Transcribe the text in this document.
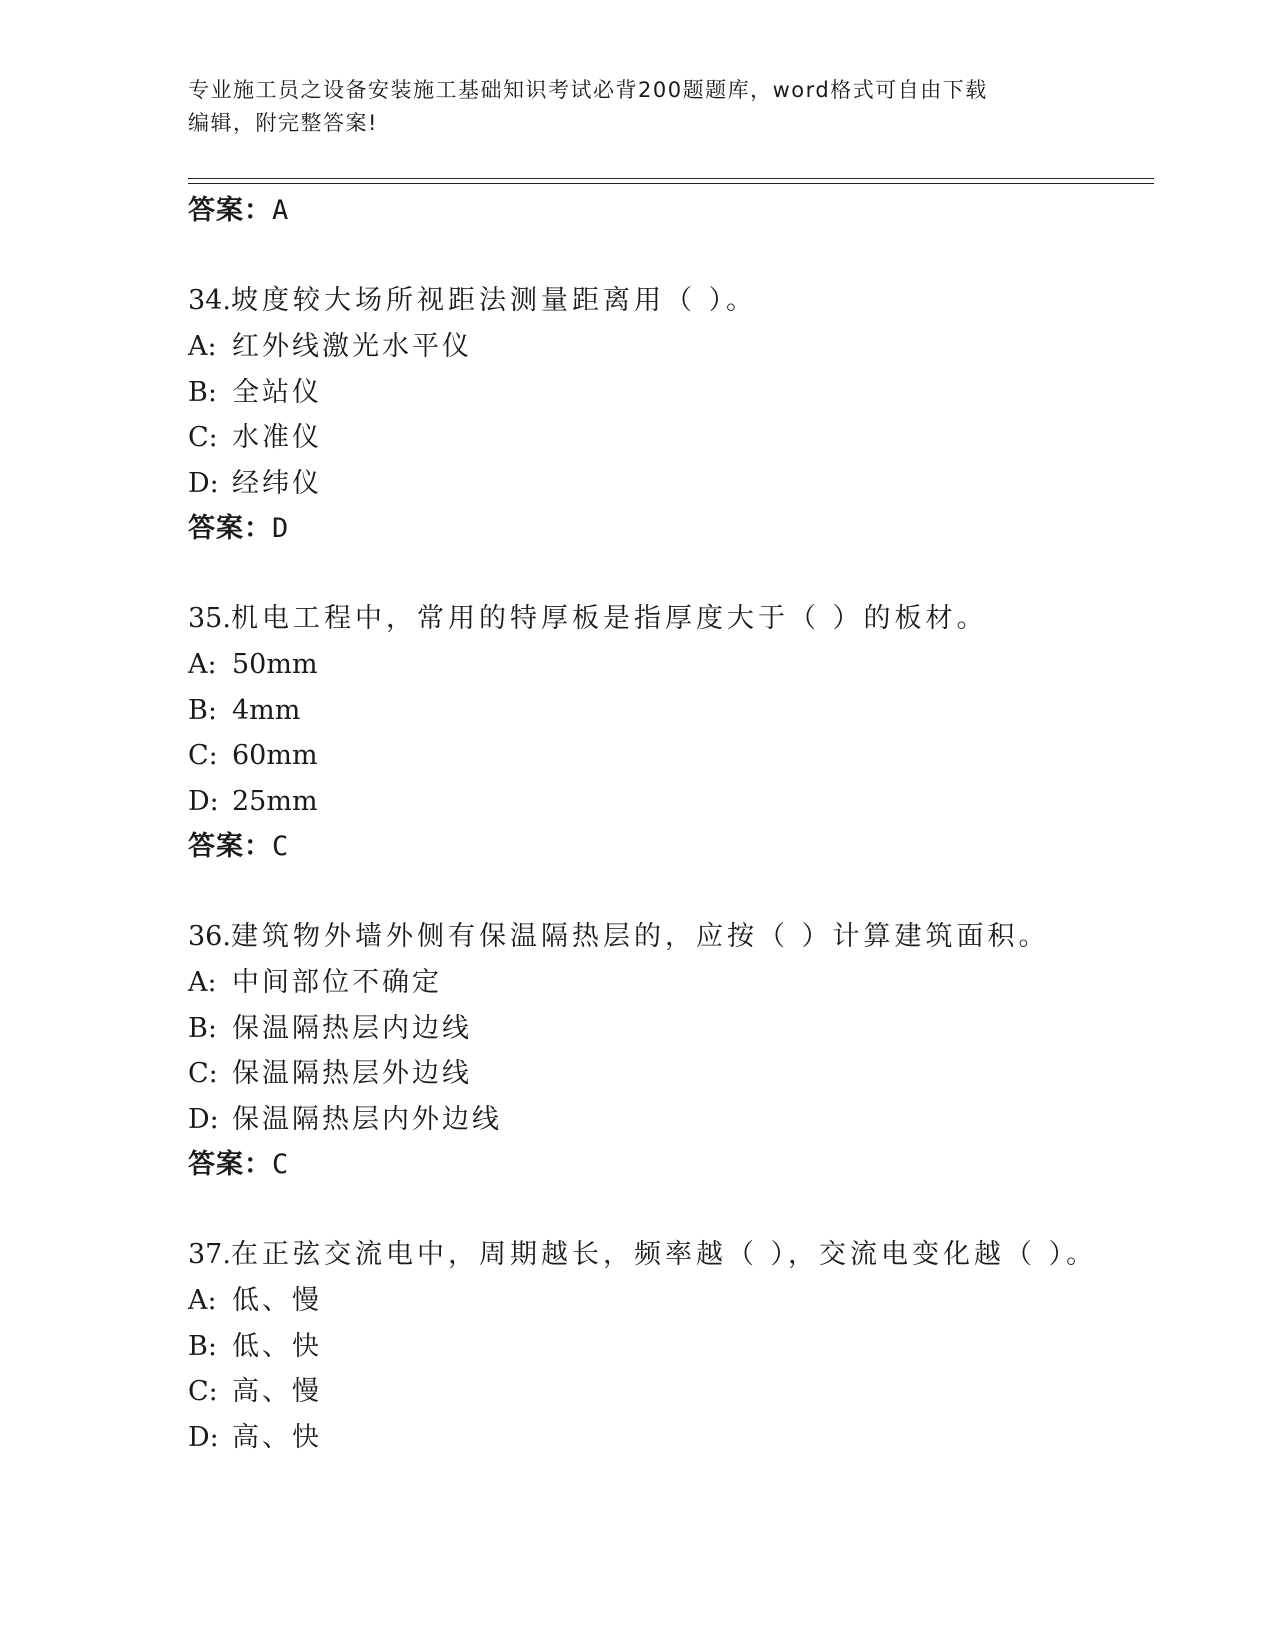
专业施工员之设备安装施工基础知识考试必背200题题库，word格式可自由下载
编辑，附完整答案!
答案：A
34.坡度较大场所视距法测量距离用（ ）。
A: 红外线激光水平仪
B: 全站仪
C: 水准仪
D: 经纬仪
答案：D
35.机电工程中，常用的特厚板是指厚度大于（ ）的板材。
A: 50mm
B: 4mm
C: 60mm
D: 25mm
答案：C
36.建筑物外墙外侧有保温隔热层的，应按（ ）计算建筑面积。
A: 中间部位不确定
B: 保温隔热层内边线
C: 保温隔热层外边线
D: 保温隔热层内外边线
答案：C
37.在正弦交流电中，周期越长，频率越（ ），交流电变化越（ ）。
A: 低、慢
B: 低、快
C: 高、慢
D: 高、快
